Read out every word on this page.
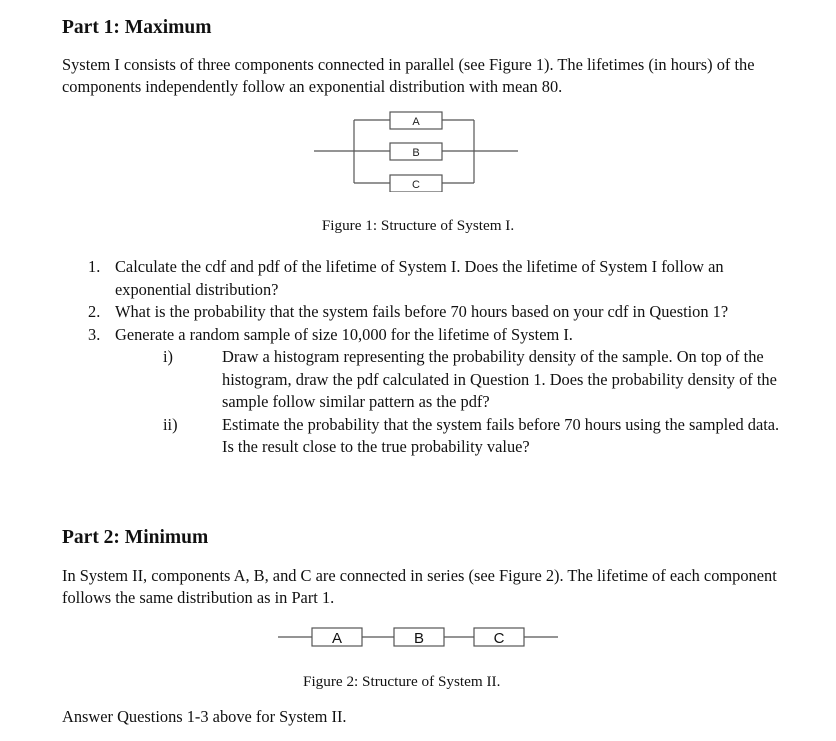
Part 1: Maximum
System I consists of three components connected in parallel (see Figure 1). The lifetimes (in hours) of the components independently follow an exponential distribution with mean 80.
A
B
C
Figure 1: Structure of System I.
1. Calculate the cdf and pdf of the lifetime of System I. Does the lifetime of System I follow an exponential distribution?
2. What is the probability that the system fails before 70 hours based on your cdf in Question 1?
3. Generate a random sample of size 10,000 for the lifetime of System I.
i)	Draw a histogram representing the probability density of the sample. On top of the histogram, draw the pdf calculated in Question 1. Does the probability density of the sample follow similar pattern as the pdf?
ii)	Estimate the probability that the system fails before 70 hours using the sampled data. Is the result close to the true probability value?
Part 2: Minimum
In System II, components A, B, and C are connected in series (see Figure 2). The lifetime of each component follows the same distribution as in Part 1.
A	B	C
Figure 2: Structure of System II.
Answer Questions 1-3 above for System II.
